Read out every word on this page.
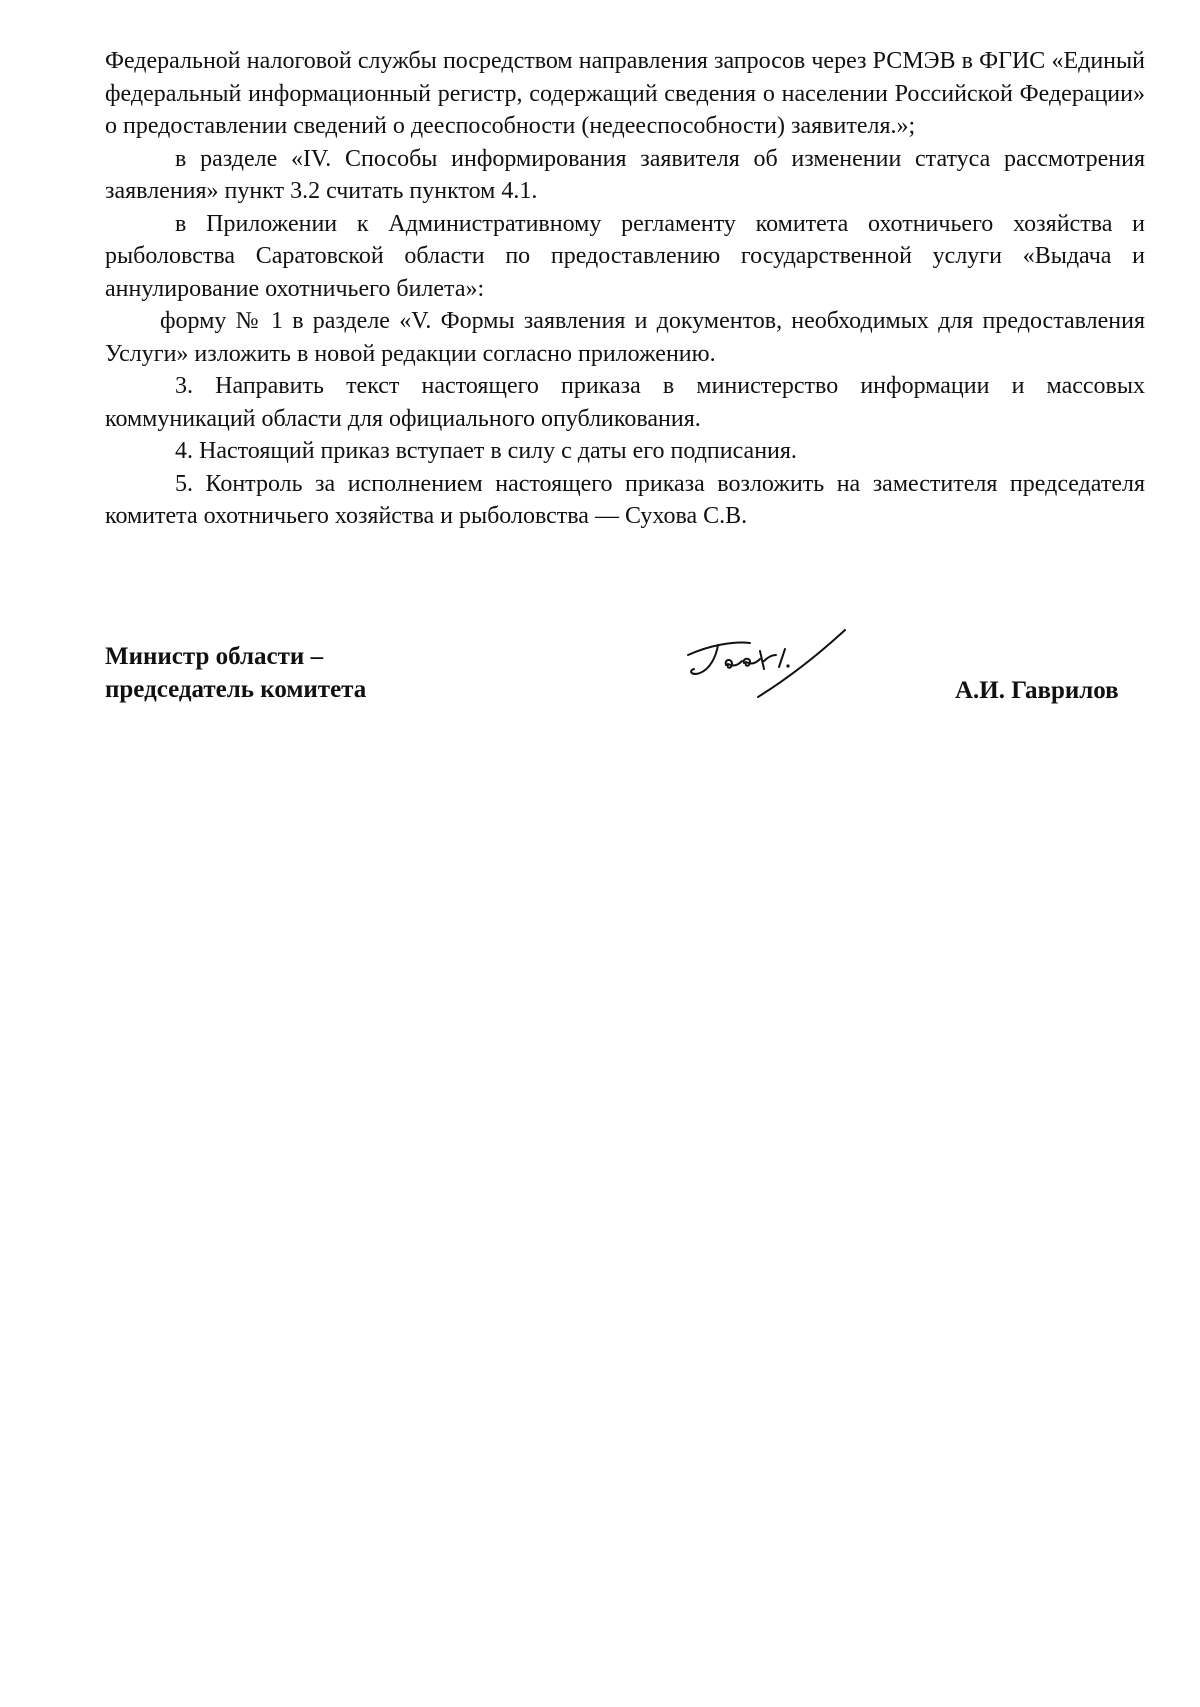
Федеральной налоговой службы посредством направления запросов через РСМЭВ в ФГИС «Единый федеральный информационный регистр, содержащий сведения о населении Российской Федерации» о предоставлении сведений о дееспособности (недееспособности) заявителя.»;

в разделе «IV. Способы информирования заявителя об изменении статуса рассмотрения заявления» пункт 3.2 считать пунктом 4.1.

в Приложении к Административному регламенту комитета охотничьего хозяйства и рыболовства Саратовской области по предоставлению государственной услуги «Выдача и аннулирование охотничьего билета»:

форму № 1 в разделе «V. Формы заявления и документов, необходимых для предоставления Услуги» изложить в новой редакции согласно приложению.

3. Направить текст настоящего приказа в министерство информации и массовых коммуникаций области для официального опубликования.

4. Настоящий приказ вступает в силу с даты его подписания.

5. Контроль за исполнением настоящего приказа возложить на заместителя председателя комитета охотничьего хозяйства и рыболовства — Сухова С.В.

Министр области –
председатель комитета	А.И. Гаврилов
